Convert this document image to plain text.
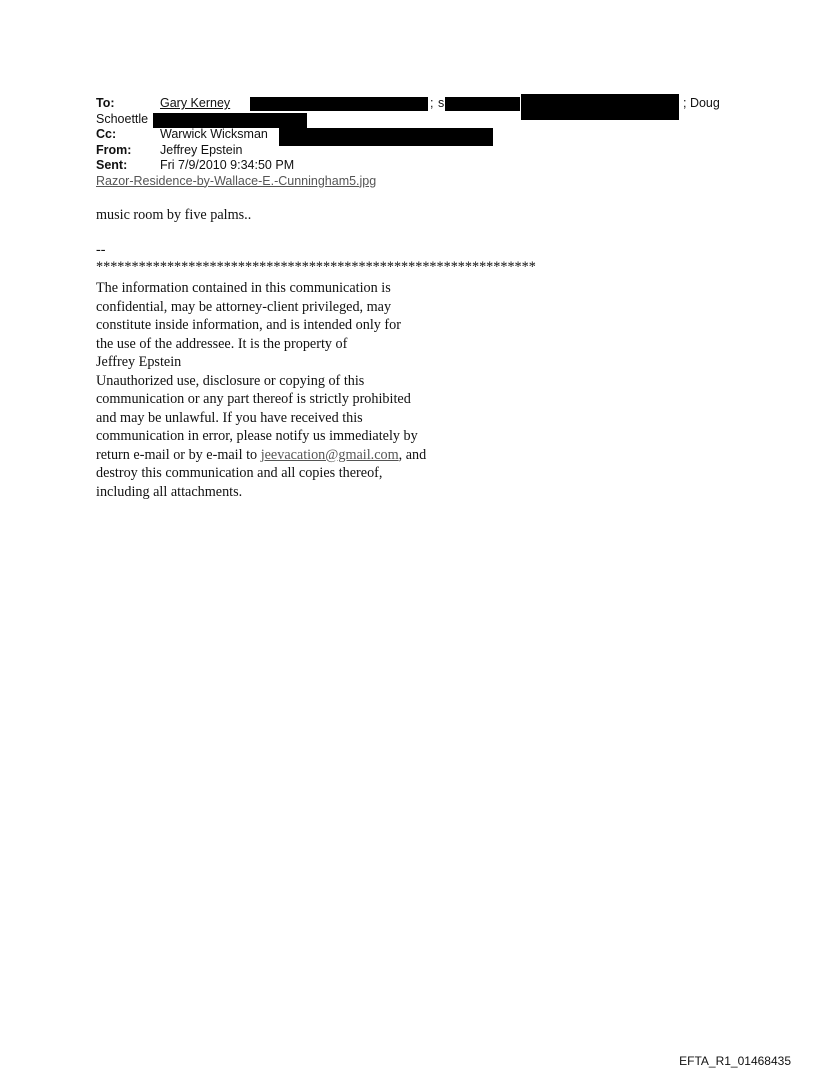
To:	Gary Kerney	; s	; Doug
Schoettle
Cc:	Warwick Wicksman
From: Jeffrey Epstein
Sent:	Fri 7/9/2010 9:34:50 PM
Razor-Residence-by-Wallace-E.-Cunningham5.jpg
music room by five palms..
--
**************************************************************
The information contained in this communication is
confidential, may be attorney-client privileged, may
constitute inside information, and is intended only for
the use of the addressee. It is the property of
Jeffrey Epstein
Unauthorized use, disclosure or copying of this
communication or any part thereof is strictly prohibited
and may be unlawful. If you have received this
communication in error, please notify us immediately by
return e-mail or by e-mail to jeevacation@gmail.com, and
destroy this communication and all copies thereof,
including all attachments.
EFTA_R1_01468435
